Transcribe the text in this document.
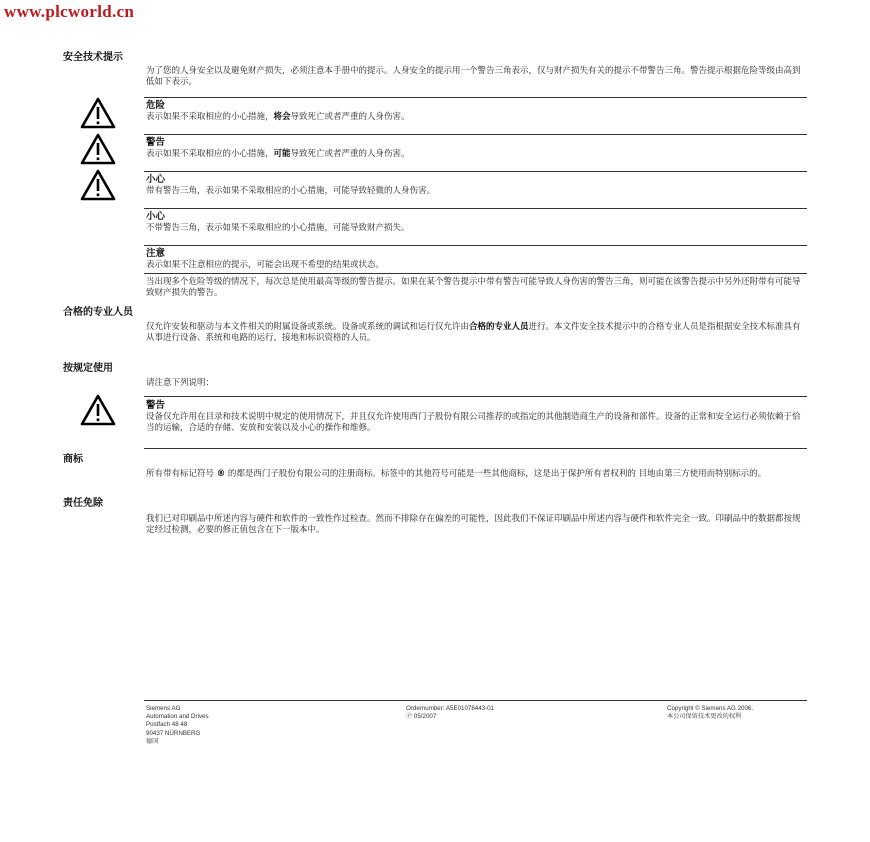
www.plcworld.cn
安全技术提示
为了您的人身安全以及避免财产损失，必须注意本手册中的提示。人身安全的提示用一个警告三角表示，仅与财产损失有关的提示不带警告三角。警告提示根据危险等级由高到低如下表示。
危险
表示如果不采取相应的小心措施，将会导致死亡或者严重的人身伤害。
警告
表示如果不采取相应的小心措施，可能导致死亡或者严重的人身伤害。
小心
带有警告三角，表示如果不采取相应的小心措施，可能导致轻微的人身伤害。
小心
不带警告三角，表示如果不采取相应的小心措施，可能导致财产损失。
注意
表示如果不注意相应的提示，可能会出现不希望的结果或状态。
当出现多个危险等级的情况下，每次总是使用最高等级的警告提示。如果在某个警告提示中带有警告可能导致人身伤害的警告三角，则可能在该警告提示中另外还附带有可能导致财产损失的警告。
合格的专业人员
仅允许安装和驱动与本文件相关的附属设备或系统。设备或系统的调试和运行仅允许由合格的专业人员进行。本文件安全技术提示中的合格专业人员是指根据安全技术标准具有从事进行设备、系统和电路的运行，接地和标识资格的人员。
按规定使用
请注意下列说明：
警告
设备仅允许用在目录和技术说明中规定的使用情况下，并且仅允许使用西门子股份有限公司推荐的或指定的其他制造商生产的设备和部件。设备的正常和安全运行必须依赖于恰当的运输，合适的存储、安放和安装以及小心的操作和维修。
商标
所有带有标记符号 ® 的都是西门子股份有限公司的注册商标。标签中的其他符号可能是一些其他商标，这是出于保护所有者权利的 目地由第三方使用而特别标示的。
责任免除
我们已对印刷品中所述内容与硬件和软件的一致性作过检查。然而不排除存在偏差的可能性，因此我们不保证印刷品中所述内容与硬件和软件完全一致。印刷品中的数据都按规定经过检测，必要的修正值包含在下一版本中。
Siemens AG
Automation and Drives
Postfach 48 48
90437 NÜRNBERG
德国
Ordernumber: A5E01078443-01
Ⓟ 05/2007
Copyright © Siemens AG 2006.
本公司保留技术更改的权利
